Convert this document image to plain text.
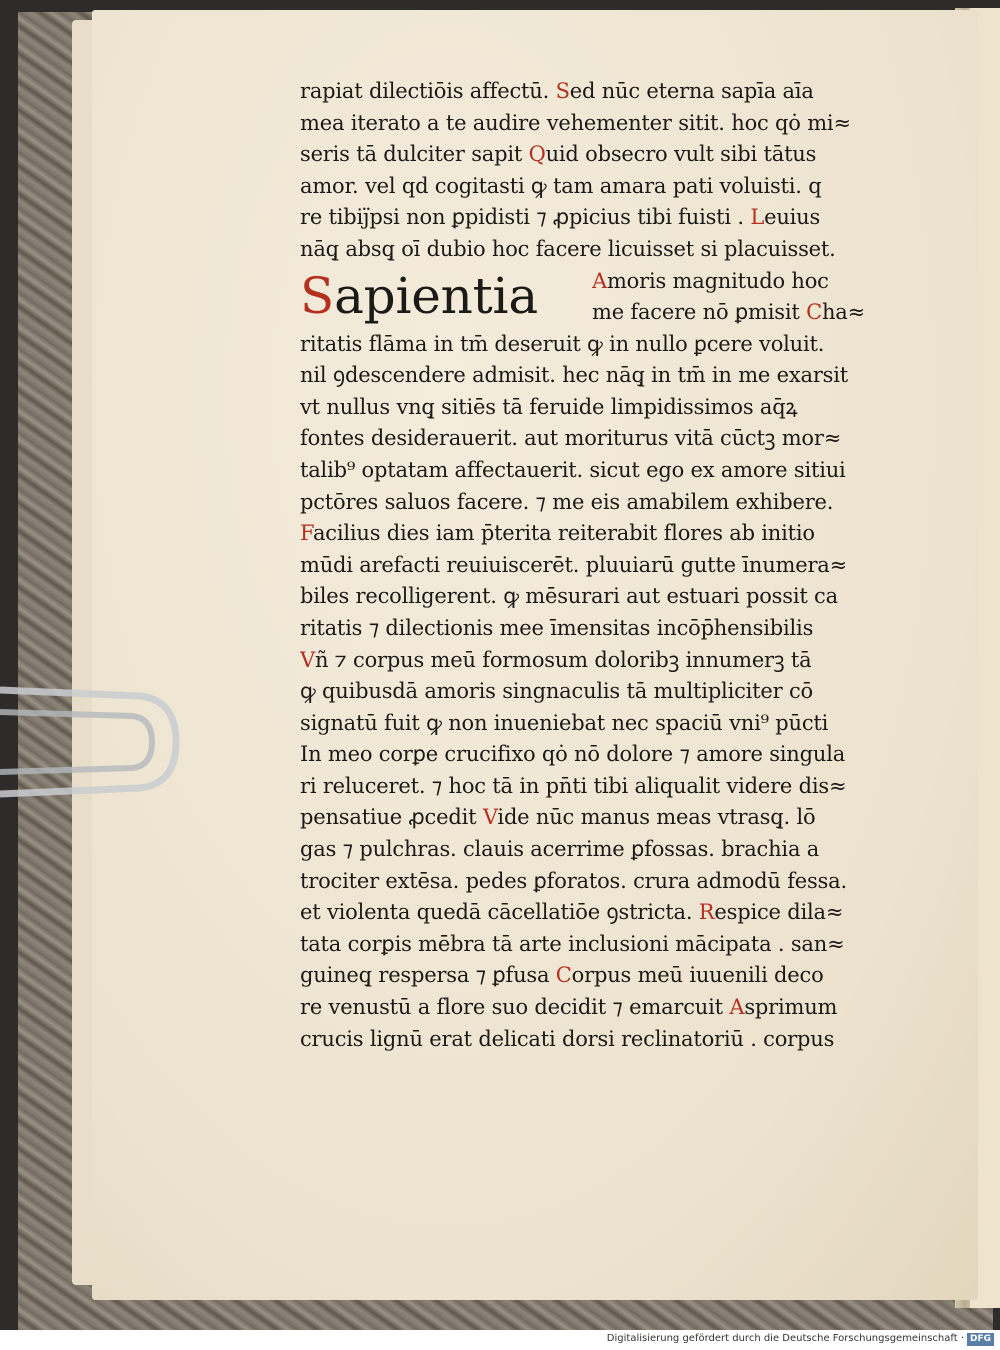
rapiat dilectiōis affectū. Sed nūc eterna sapīa aīa
mea iterato a te audire vehementer sitit. hoc qȯ mi≈
seris tā dulciter sapit Quid obsecro vult sibi tātus
amor. vel qd cogitasti ꝙ tam amara pati voluisti. q
re tibiȷ̈psi non ꝑpidisti ⁊ ꝓpicius tibi fuisti . Leuius
nāq̧ absq̧ oī dubio hoc facere licuisset si placuisset.
Sapientia	Amoris magnitudo hoc
me facere nō ꝑmisit Cha≈
ritatis flāma in tm̄ deseruit ꝙ in nullo ꝑcere voluit.
nil ꝯdescendere admisit. hec nāq̧ in tm̄ in me exarsit
vt nullus vnq̧ sitiēs tā feruide limpidissimos aq̄ꝝ
fontes desiderauerit. aut moriturus vitā cūctꝫ mor≈
talib⁹ optatam affectauerit. sicut ego ex amore sitiui
pctōres saluos facere. ⁊ me eis amabilem exhibere.
Facilius dies iam p̄terita reiterabit flores ab initio
mūdi arefacti reuiuiscerēt. pluuiarū gutte īnumera≈
biles recolligerent. ꝙ mēsurari aut estuari possit ca
ritatis ⁊ dilectionis mee īmensitas incōp̄hensibilis
Vñ ⁊ corpus meū formosum doloribꝫ innumerꝫ tā
ꝙ quibusdā amoris singnaculis tā multipliciter cō
signatū fuit ꝙ non inueniebat nec spaciū vni⁹ pūcti
In meo corꝑe crucifixo qȯ nō dolore ⁊ amore singula
ri reluceret. ⁊ hoc tā in pn̄ti tibi aliqualit videre dis≈
pensatiue ꝓcedit Vide nūc manus meas vtrasq̧. lō
gas ⁊ pulchras. clauis acerrime ꝑfossas. brachia a
trociter extēsa. pedes ꝑforatos. crura admodū fessa.
et violenta quedā cācellatiōe ꝯstricta. Respice dila≈
tata corꝑis mēbra tā arte inclusioni mācipata . san≈
guineq̧ respersa ⁊ ꝑfusa Corpus meū iuuenili deco
re venustū a flore suo decidit ⁊ emarcuit Asprimum
crucis lignū erat delicati dorsi reclinatoriū . corpus
Digitalisierung gefördert durch die Deutsche Forschungsgemeinschaft · DFG
